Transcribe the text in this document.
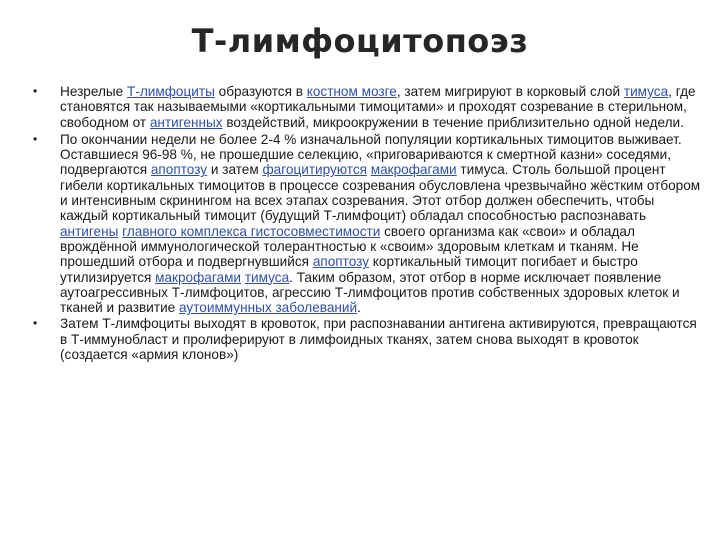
Т-лимфоцитопоэз
• Незрелые Т-лимфоциты образуются в костном мозге, затем мигрируют в корковый слой тимуса, где становятся так называемыми «кортикальными тимоцитами» и проходят созревание в стерильном, свободном от антигенных воздействий, микроокружении в течение приблизительно одной недели.
• По окончании недели не более 2-4 % изначальной популяции кортикальных тимоцитов выживает. Оставшиеся 96-98 %, не прошедшие селекцию, «приговариваются к смертной казни» соседями, подвергаются апоптозу и затем фагоцитируются макрофагами тимуса. Столь большой процент гибели кортикальных тимоцитов в процессе созревания обусловлена чрезвычайно жёстким отбором и интенсивным скринингом на всех этапах созревания. Этот отбор должен обеспечить, чтобы каждый кортикальный тимоцит (будущий Т-лимфоцит) обладал способностью распознавать антигены главного комплекса гистосовместимости своего организма как «свои» и обладал врождённой иммунологической толерантностью к «своим» здоровым клеткам и тканям. Не прошедший отбора и подвергнувшийся апоптозу кортикальный тимоцит погибает и быстро утилизируется макрофагами тимуса. Таким образом, этот отбор в норме исключает появление аутоагрессивных Т-лимфоцитов, агрессию Т-лимфоцитов против собственных здоровых клеток и тканей и развитие аутоиммунных заболеваний.
• Затем Т-лимфоциты выходят в кровоток, при распознавании антигена активируются, превращаются в Т-иммунобласт и пролиферируют в лимфоидных тканях, затем снова выходят в кровоток (создается «армия клонов»)
